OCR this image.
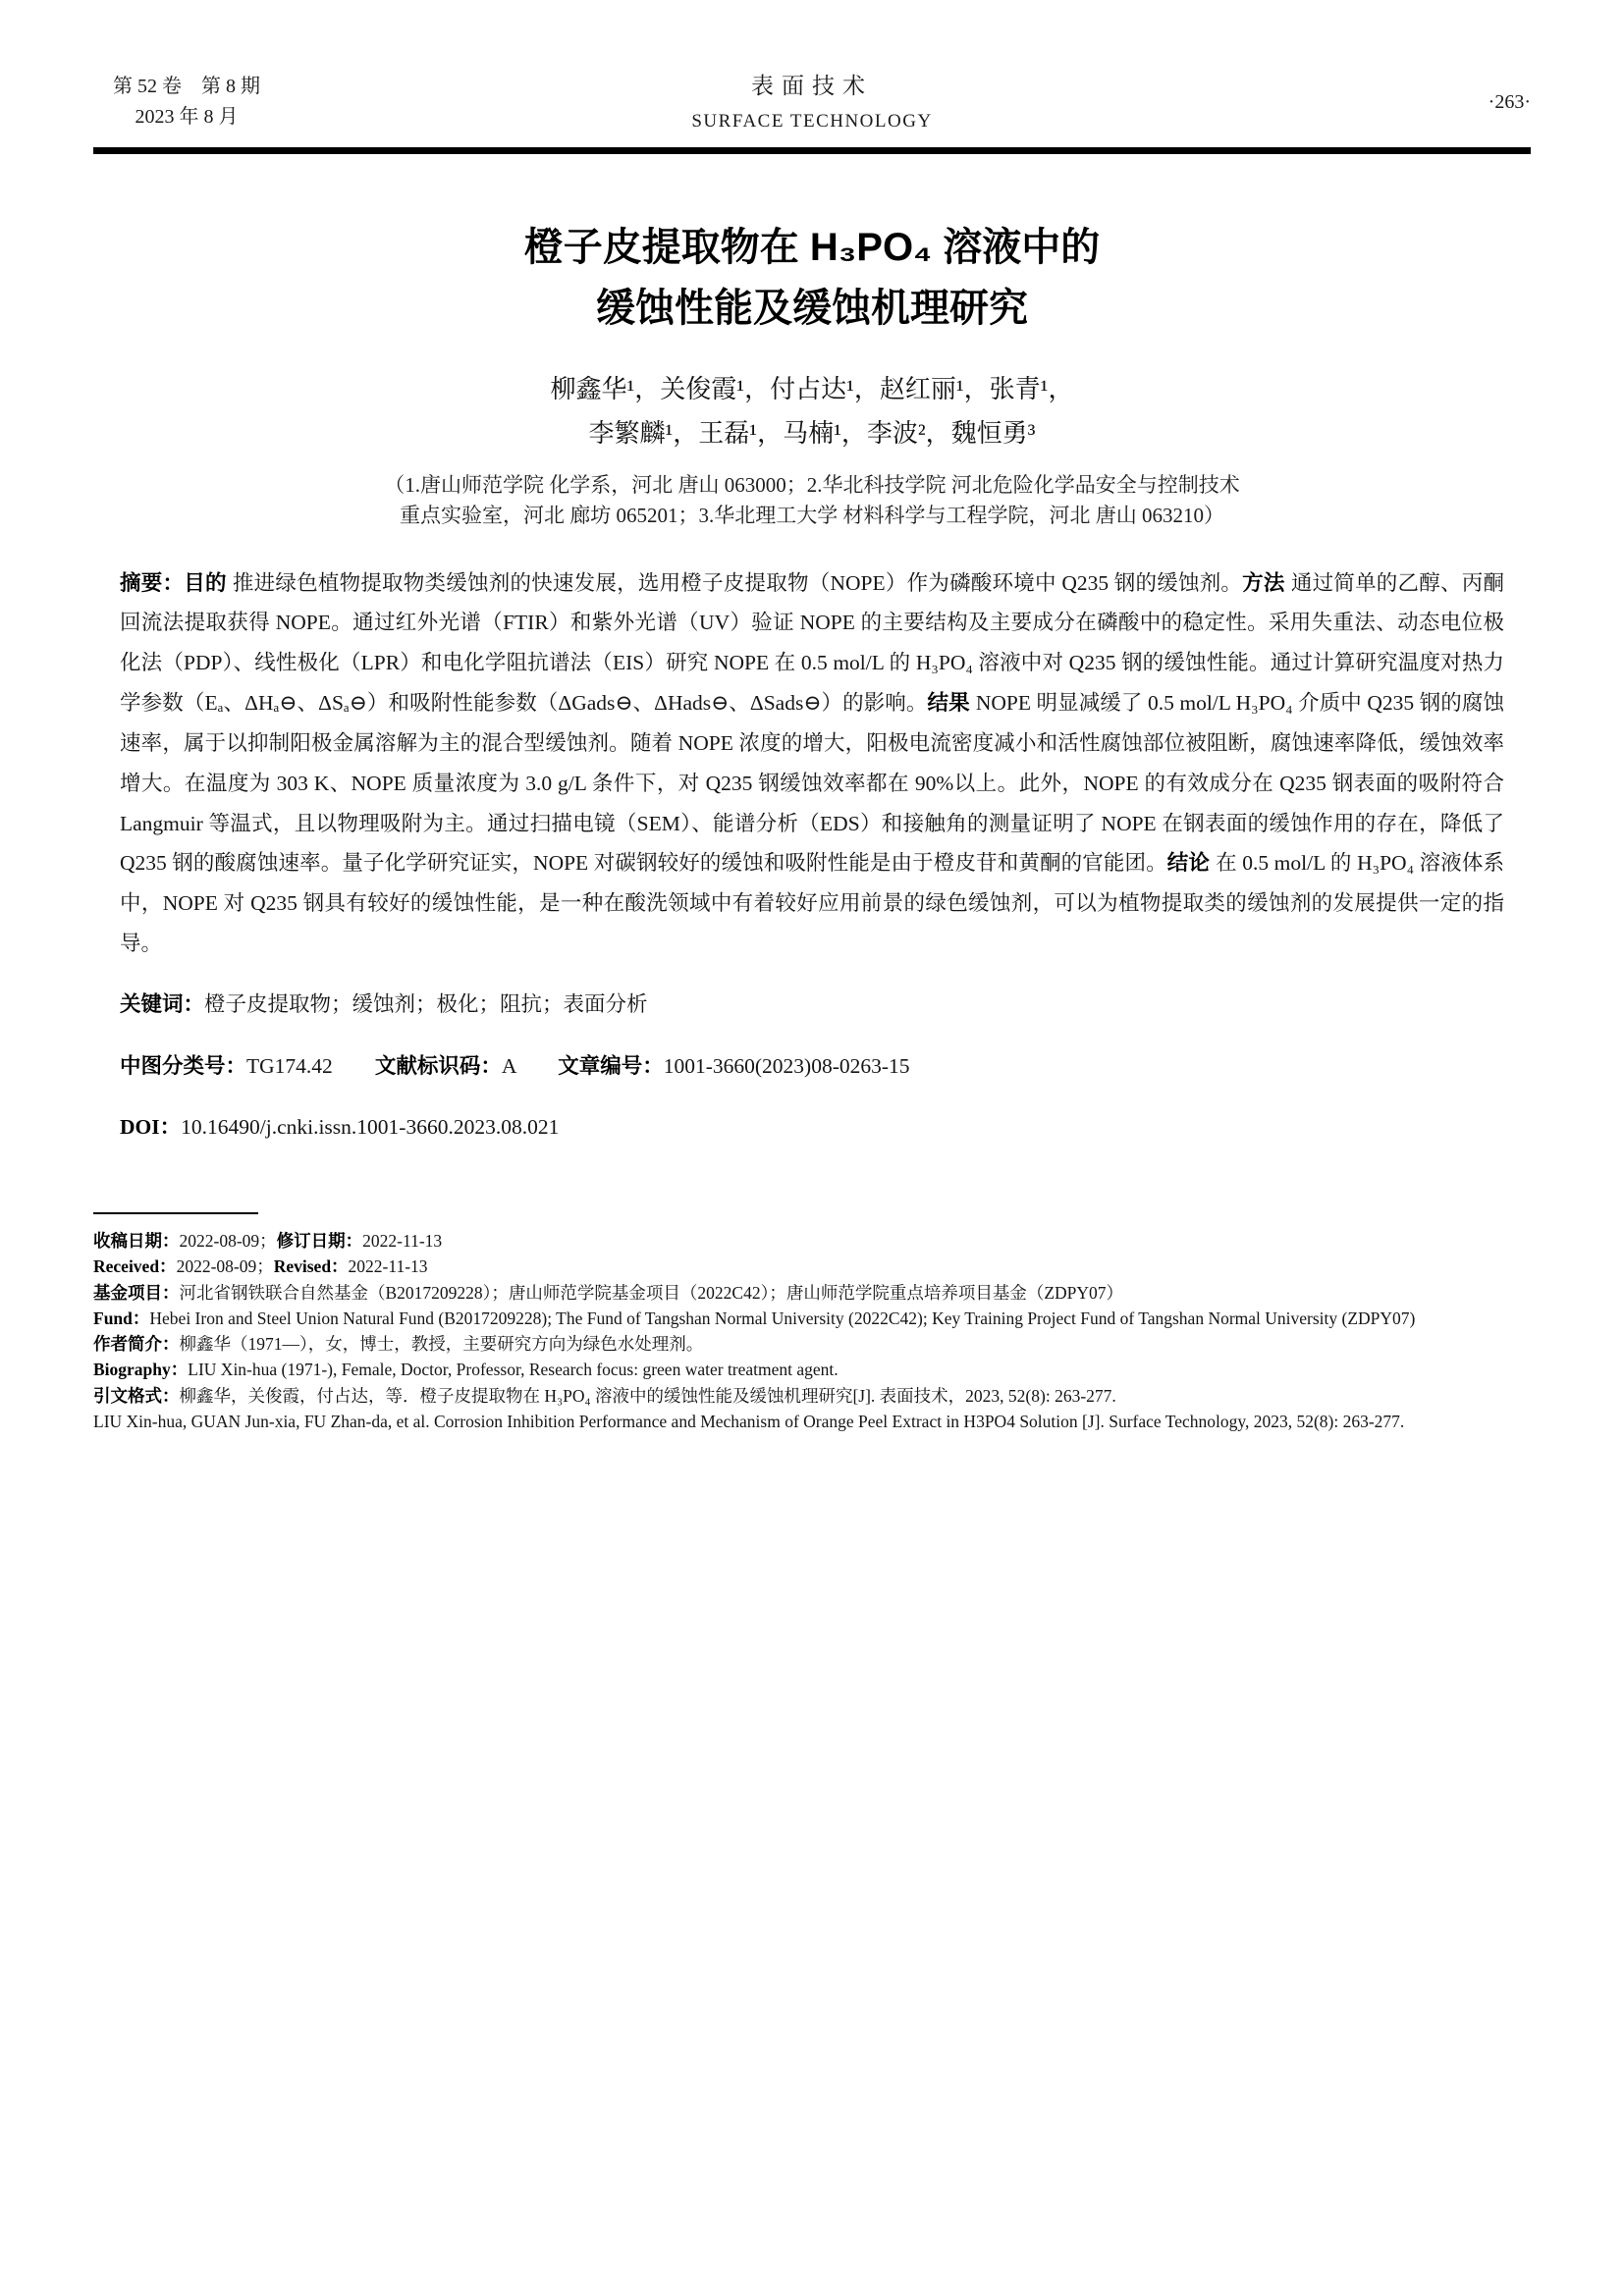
第 52 卷　第 8 期
2023 年 8 月
表面技术
SURFACE TECHNOLOGY
·263·
橙子皮提取物在 H₃PO₄ 溶液中的
缓蚀性能及缓蚀机理研究
柳鑫华¹，关俊霞¹，付占达¹，赵红丽¹，张青¹，
李繁麟¹，王磊¹，马楠¹，李波²，魏恒勇³
（1.唐山师范学院 化学系，河北 唐山 063000；2.华北科技学院 河北危险化学品安全与控制技术
重点实验室，河北 廊坊 065201；3.华北理工大学 材料科学与工程学院，河北 唐山 063210）

摘要：目的 推进绿色植物提取物类缓蚀剂的快速发展，选用橙子皮提取物（NOPE）作为磷酸环境中 Q235 钢的缓蚀剂。方法 通过简单的乙醇、丙酮回流法提取获得 NOPE。通过红外光谱（FTIR）和紫外光谱（UV）验证 NOPE 的主要结构及主要成分在磷酸中的稳定性。采用失重法、动态电位极化法（PDP）、线性极化（LPR）和电化学阻抗谱法（EIS）研究 NOPE 在 0.5 mol/L 的 H₃PO₄ 溶液中对 Q235 钢的缓蚀性能。通过计算研究温度对热力学参数（Eₐ、ΔHₐ⊖、ΔSₐ⊖）和吸附性能参数（ΔGads⊖、ΔHads⊖、ΔSads⊖）的影响。结果 NOPE 明显减缓了 0.5 mol/L H₃PO₄ 介质中 Q235 钢的腐蚀速率，属于以抑制阳极金属溶解为主的混合型缓蚀剂。随着 NOPE 浓度的增大，阳极电流密度减小和活性腐蚀部位被阻断，腐蚀速率降低，缓蚀效率增大。在温度为 303 K、NOPE 质量浓度为 3.0 g/L 条件下，对 Q235 钢缓蚀效率都在 90%以上。此外，NOPE 的有效成分在 Q235 钢表面的吸附符合 Langmuir 等温式，且以物理吸附为主。通过扫描电镜（SEM）、能谱分析（EDS）和接触角的测量证明了 NOPE 在钢表面的缓蚀作用的存在，降低了 Q235 钢的酸腐蚀速率。量子化学研究证实，NOPE 对碳钢较好的缓蚀和吸附性能是由于橙皮苷和黄酮的官能团。结论 在 0.5 mol/L 的 H₃PO₄ 溶液体系中，NOPE 对 Q235 钢具有较好的缓蚀性能，是一种在酸洗领域中有着较好应用前景的绿色缓蚀剂，可以为植物提取类的缓蚀剂的发展提供一定的指导。

关键词：橙子皮提取物；缓蚀剂；极化；阻抗；表面分析

中图分类号：TG174.42　　 文献标识码：A　　 文章编号：1001-3660(2023)08-0263-15

DOI：10.16490/j.cnki.issn.1001-3660.2023.08.021

收稿日期：2022-08-09；修订日期：2022-11-13

Received：2022-08-09；Revised：2022-11-13

基金项目：河北省钢铁联合自然基金（B2017209228）；唐山师范学院基金项目（2022C42）；唐山师范学院重点培养项目基金（ZDPY07）

Fund：Hebei Iron and Steel Union Natural Fund (B2017209228); The Fund of Tangshan Normal University (2022C42); Key Training Project Fund of Tangshan Normal University (ZDPY07)

作者简介：柳鑫华（1971—），女，博士，教授，主要研究方向为绿色水处理剂。

Biography：LIU Xin-hua (1971-), Female, Doctor, Professor, Research focus: green water treatment agent.

引文格式：柳鑫华，关俊霞，付占达，等．橙子皮提取物在 H₃PO₄ 溶液中的缓蚀性能及缓蚀机理研究[J]. 表面技术，2023, 52(8): 263-277.

LIU Xin-hua, GUAN Jun-xia, FU Zhan-da, et al. Corrosion Inhibition Performance and Mechanism of Orange Peel Extract in H3PO4 Solution [J]. Surface Technology, 2023, 52(8): 263-277.
